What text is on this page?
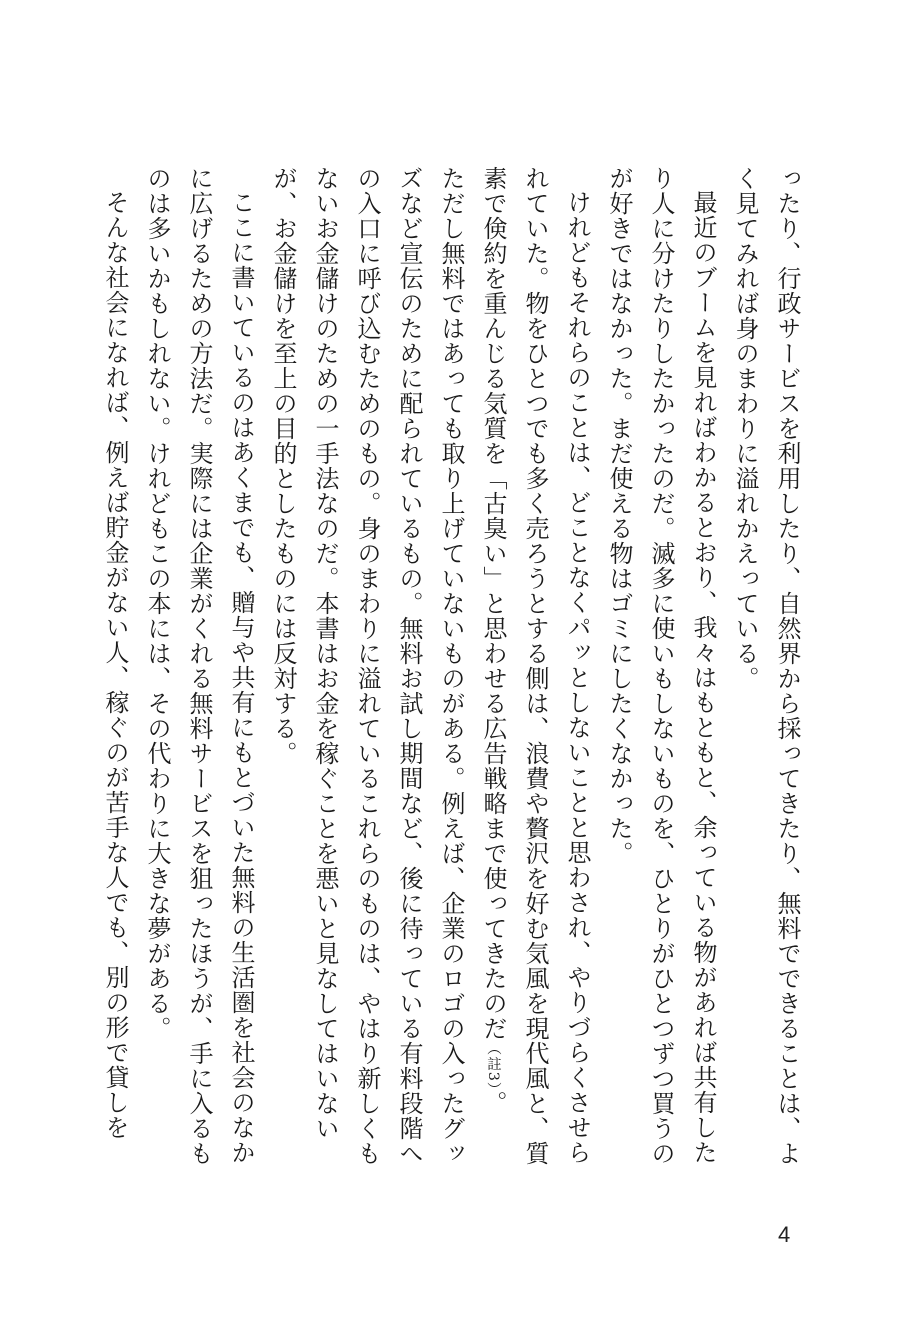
ったり、行政サービスを利用したり、自然界から採ってきたり、無料でできることは、よく見てみれば身のまわりに溢れかえっている。

最近のブームを見ればわかるとおり、我々はもともと、余っている物があれば共有したり人に分けたりしたかったのだ。滅多に使いもしないものを、ひとりがひとつずつ買うのが好きではなかった。まだ使える物はゴミにしたくなかった。

けれどもそれらのことは、どことなくパッとしないことと思わされ、やりづらくさせられていた。物をひとつでも多く売ろうとする側は、浪費や贅沢を好む気風を現代風と、質素で倹約を重んじる気質を「古臭い」と思わせる広告戦略まで使ってきたのだ（註3）。

ただし無料ではあっても取り上げていないものがある。例えば、企業のロゴの入ったグッズなど宣伝のために配られているもの。無料お試し期間など、後に待っている有料段階への入口に呼び込むためのもの。身のまわりに溢れているこれらのものは、やはり新しくもないお金儲けのための一手法なのだ。本書はお金を稼ぐことを悪いと見なしてはいないが、お金儲けを至上の目的としたものには反対する。

ここに書いているのはあくまでも、贈与や共有にもとづいた無料の生活圏を社会のなかに広げるための方法だ。実際には企業がくれる無料サービスを狙ったほうが、手に入るものは多いかもしれない。けれどもこの本には、その代わりに大きな夢がある。

そんな社会になれば、例えば貯金がない人、稼ぐのが苦手な人でも、別の形で貸しを

4
